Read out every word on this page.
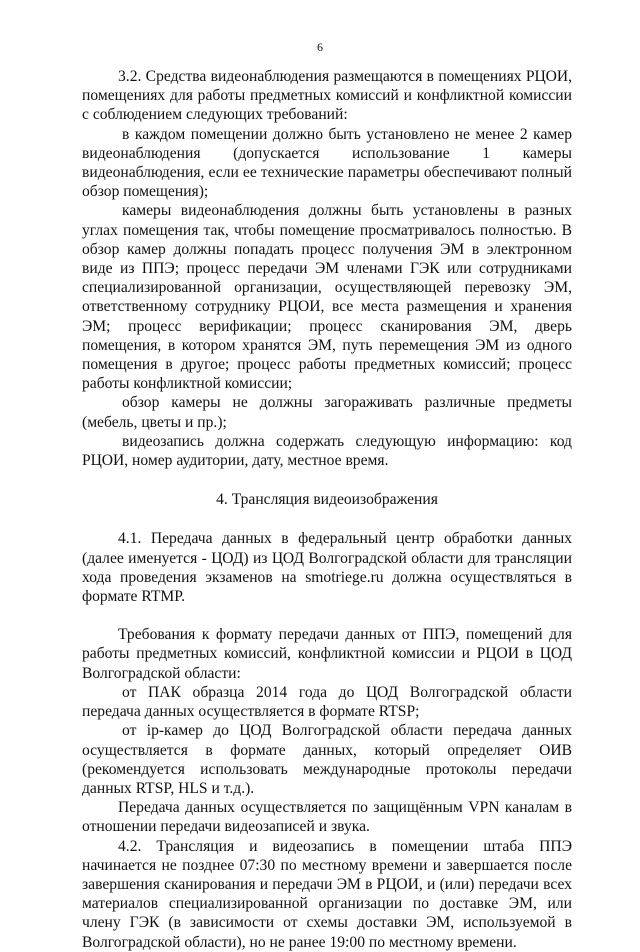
6

3.2. Средства видеонаблюдения размещаются в помещениях РЦОИ, помещениях для работы предметных комиссий и конфликтной комиссии с соблюдением следующих требований:

в каждом помещении должно быть установлено не менее 2 камер видеонаблюдения (допускается использование 1 камеры видеонаблюдения, если ее технические параметры обеспечивают полный обзор помещения);

камеры видеонаблюдения должны быть установлены в разных углах помещения так, чтобы помещение просматривалось полностью. В обзор камер должны попадать процесс получения ЭМ в электронном виде из ППЭ; процесс передачи ЭМ членами ГЭК или сотрудниками специализированной организации, осуществляющей перевозку ЭМ, ответственному сотруднику РЦОИ, все места размещения и хранения ЭМ; процесс верификации; процесс сканирования ЭМ, дверь помещения, в котором хранятся ЭМ, путь перемещения ЭМ из одного помещения в другое; процесс работы предметных комиссий; процесс работы конфликтной комиссии;

обзор камеры не должны загораживать различные предметы (мебель, цветы и пр.);

видеозапись должна содержать следующую информацию: код РЦОИ, номер аудитории, дату, местное время.

4. Трансляция видеоизображения

4.1. Передача данных в федеральный центр обработки данных (далее именуется - ЦОД) из ЦОД Волгоградской области для трансляции хода проведения экзаменов на smotriege.ru должна осуществляться в формате RTMP.

Требования к формату передачи данных от ППЭ, помещений для работы предметных комиссий, конфликтной комиссии и РЦОИ в ЦОД Волгоградской области:

от ПАК образца 2014 года до ЦОД Волгоградской области передача данных осуществляется в формате RTSP;

от ip-камер до ЦОД Волгоградской области передача данных осуществляется в формате данных, который определяет ОИВ (рекомендуется использовать международные протоколы передачи данных RTSP, HLS и т.д.).

Передача данных осуществляется по защищённым VPN каналам в отношении передачи видеозаписей и звука.

4.2. Трансляция и видеозапись в помещении штаба ППЭ начинается не позднее 07:30 по местному времени и завершается после завершения сканирования и передачи ЭМ в РЦОИ, и (или) передачи всех материалов специализированной организации по доставке ЭМ, или члену ГЭК (в зависимости от схемы доставки ЭМ, используемой в Волгоградской области), но не ранее 19:00 по местному времени.
